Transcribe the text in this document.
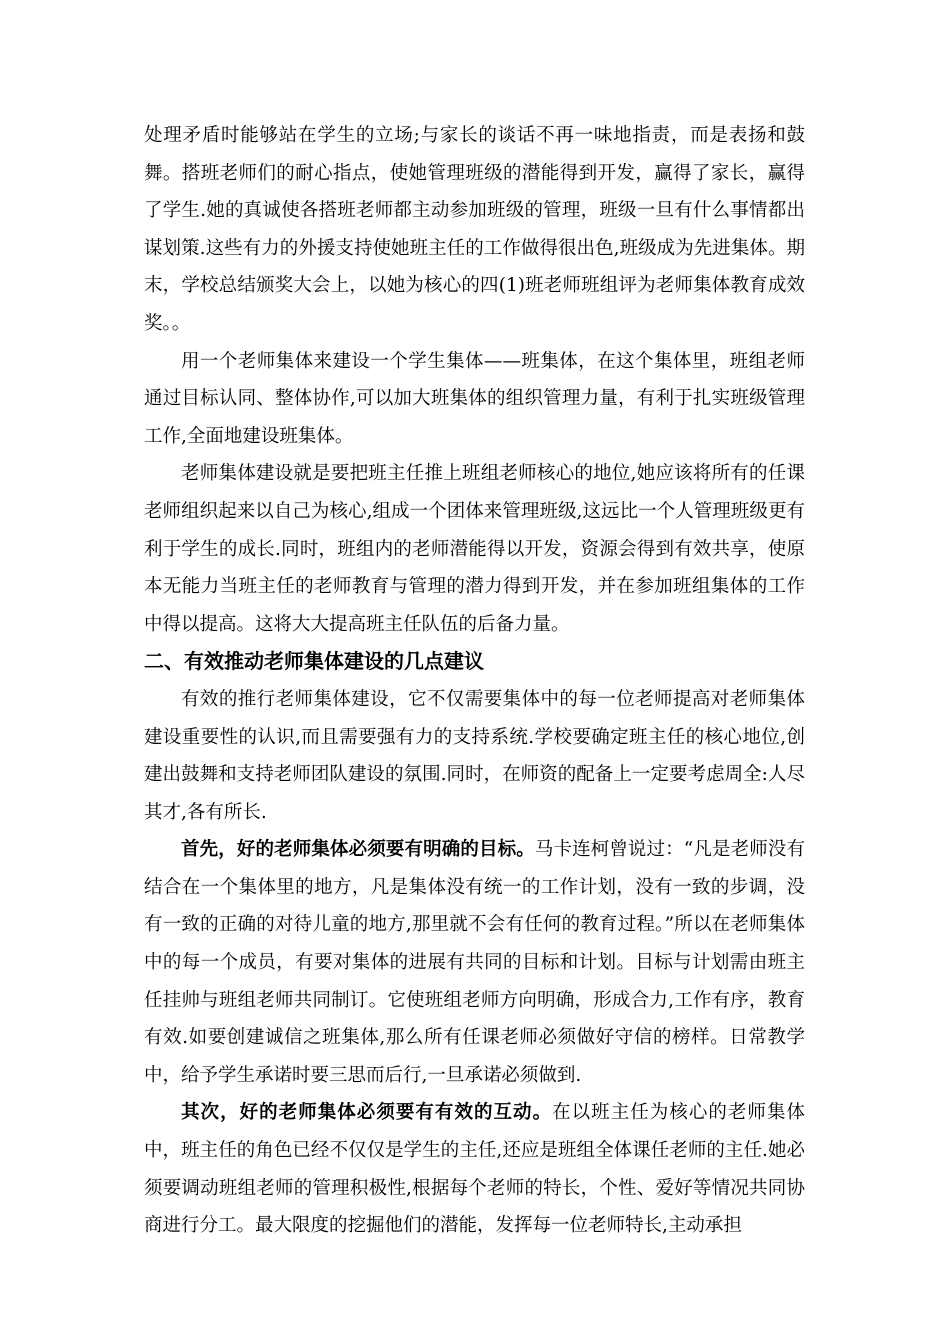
处理矛盾时能够站在学生的立场;与家长的谈话不再一味地指责，而是表扬和鼓舞。搭班老师们的耐心指点，使她管理班级的潜能得到开发，赢得了家长，赢得了学生.她的真诚使各搭班老师都主动参加班级的管理，班级一旦有什么事情都出谋划策.这些有力的外援支持使她班主任的工作做得很出色,班级成为先进集体。期末，学校总结颁奖大会上，以她为核心的四(1)班老师班组评为老师集体教育成效奖。。

用一个老师集体来建设一个学生集体——班集体，在这个集体里，班组老师通过目标认同、整体协作,可以加大班集体的组织管理力量，有利于扎实班级管理工作,全面地建设班集体。

老师集体建设就是要把班主任推上班组老师核心的地位,她应该将所有的任课老师组织起来以自己为核心,组成一个团体来管理班级,这远比一个人管理班级更有利于学生的成长.同时，班组内的老师潜能得以开发，资源会得到有效共享，使原本无能力当班主任的老师教育与管理的潜力得到开发，并在参加班组集体的工作中得以提高。这将大大提高班主任队伍的后备力量。

二、有效推动老师集体建设的几点建议

有效的推行老师集体建设，它不仅需要集体中的每一位老师提高对老师集体建设重要性的认识,而且需要强有力的支持系统.学校要确定班主任的核心地位,创建出鼓舞和支持老师团队建设的氛围.同时，在师资的配备上一定要考虑周全:人尽其才,各有所长.

首先，好的老师集体必须要有明确的目标。马卡连柯曾说过：“凡是老师没有结合在一个集体里的地方，凡是集体没有统一的工作计划，没有一致的步调，没有一致的正确的对待儿童的地方,那里就不会有任何的教育过程。”所以在老师集体中的每一个成员，有要对集体的进展有共同的目标和计划。目标与计划需由班主任挂帅与班组老师共同制订。它使班组老师方向明确，形成合力,工作有序，教育有效.如要创建诚信之班集体,那么所有任课老师必须做好守信的榜样。日常教学中，给予学生承诺时要三思而后行,一旦承诺必须做到.

其次，好的老师集体必须要有有效的互动。在以班主任为核心的老师集体中，班主任的角色已经不仅仅是学生的主任,还应是班组全体课任老师的主任.她必须要调动班组老师的管理积极性,根据每个老师的特长，个性、爱好等情况共同协商进行分工。最大限度的挖掘他们的潜能，发挥每一位老师特长,主动承担
